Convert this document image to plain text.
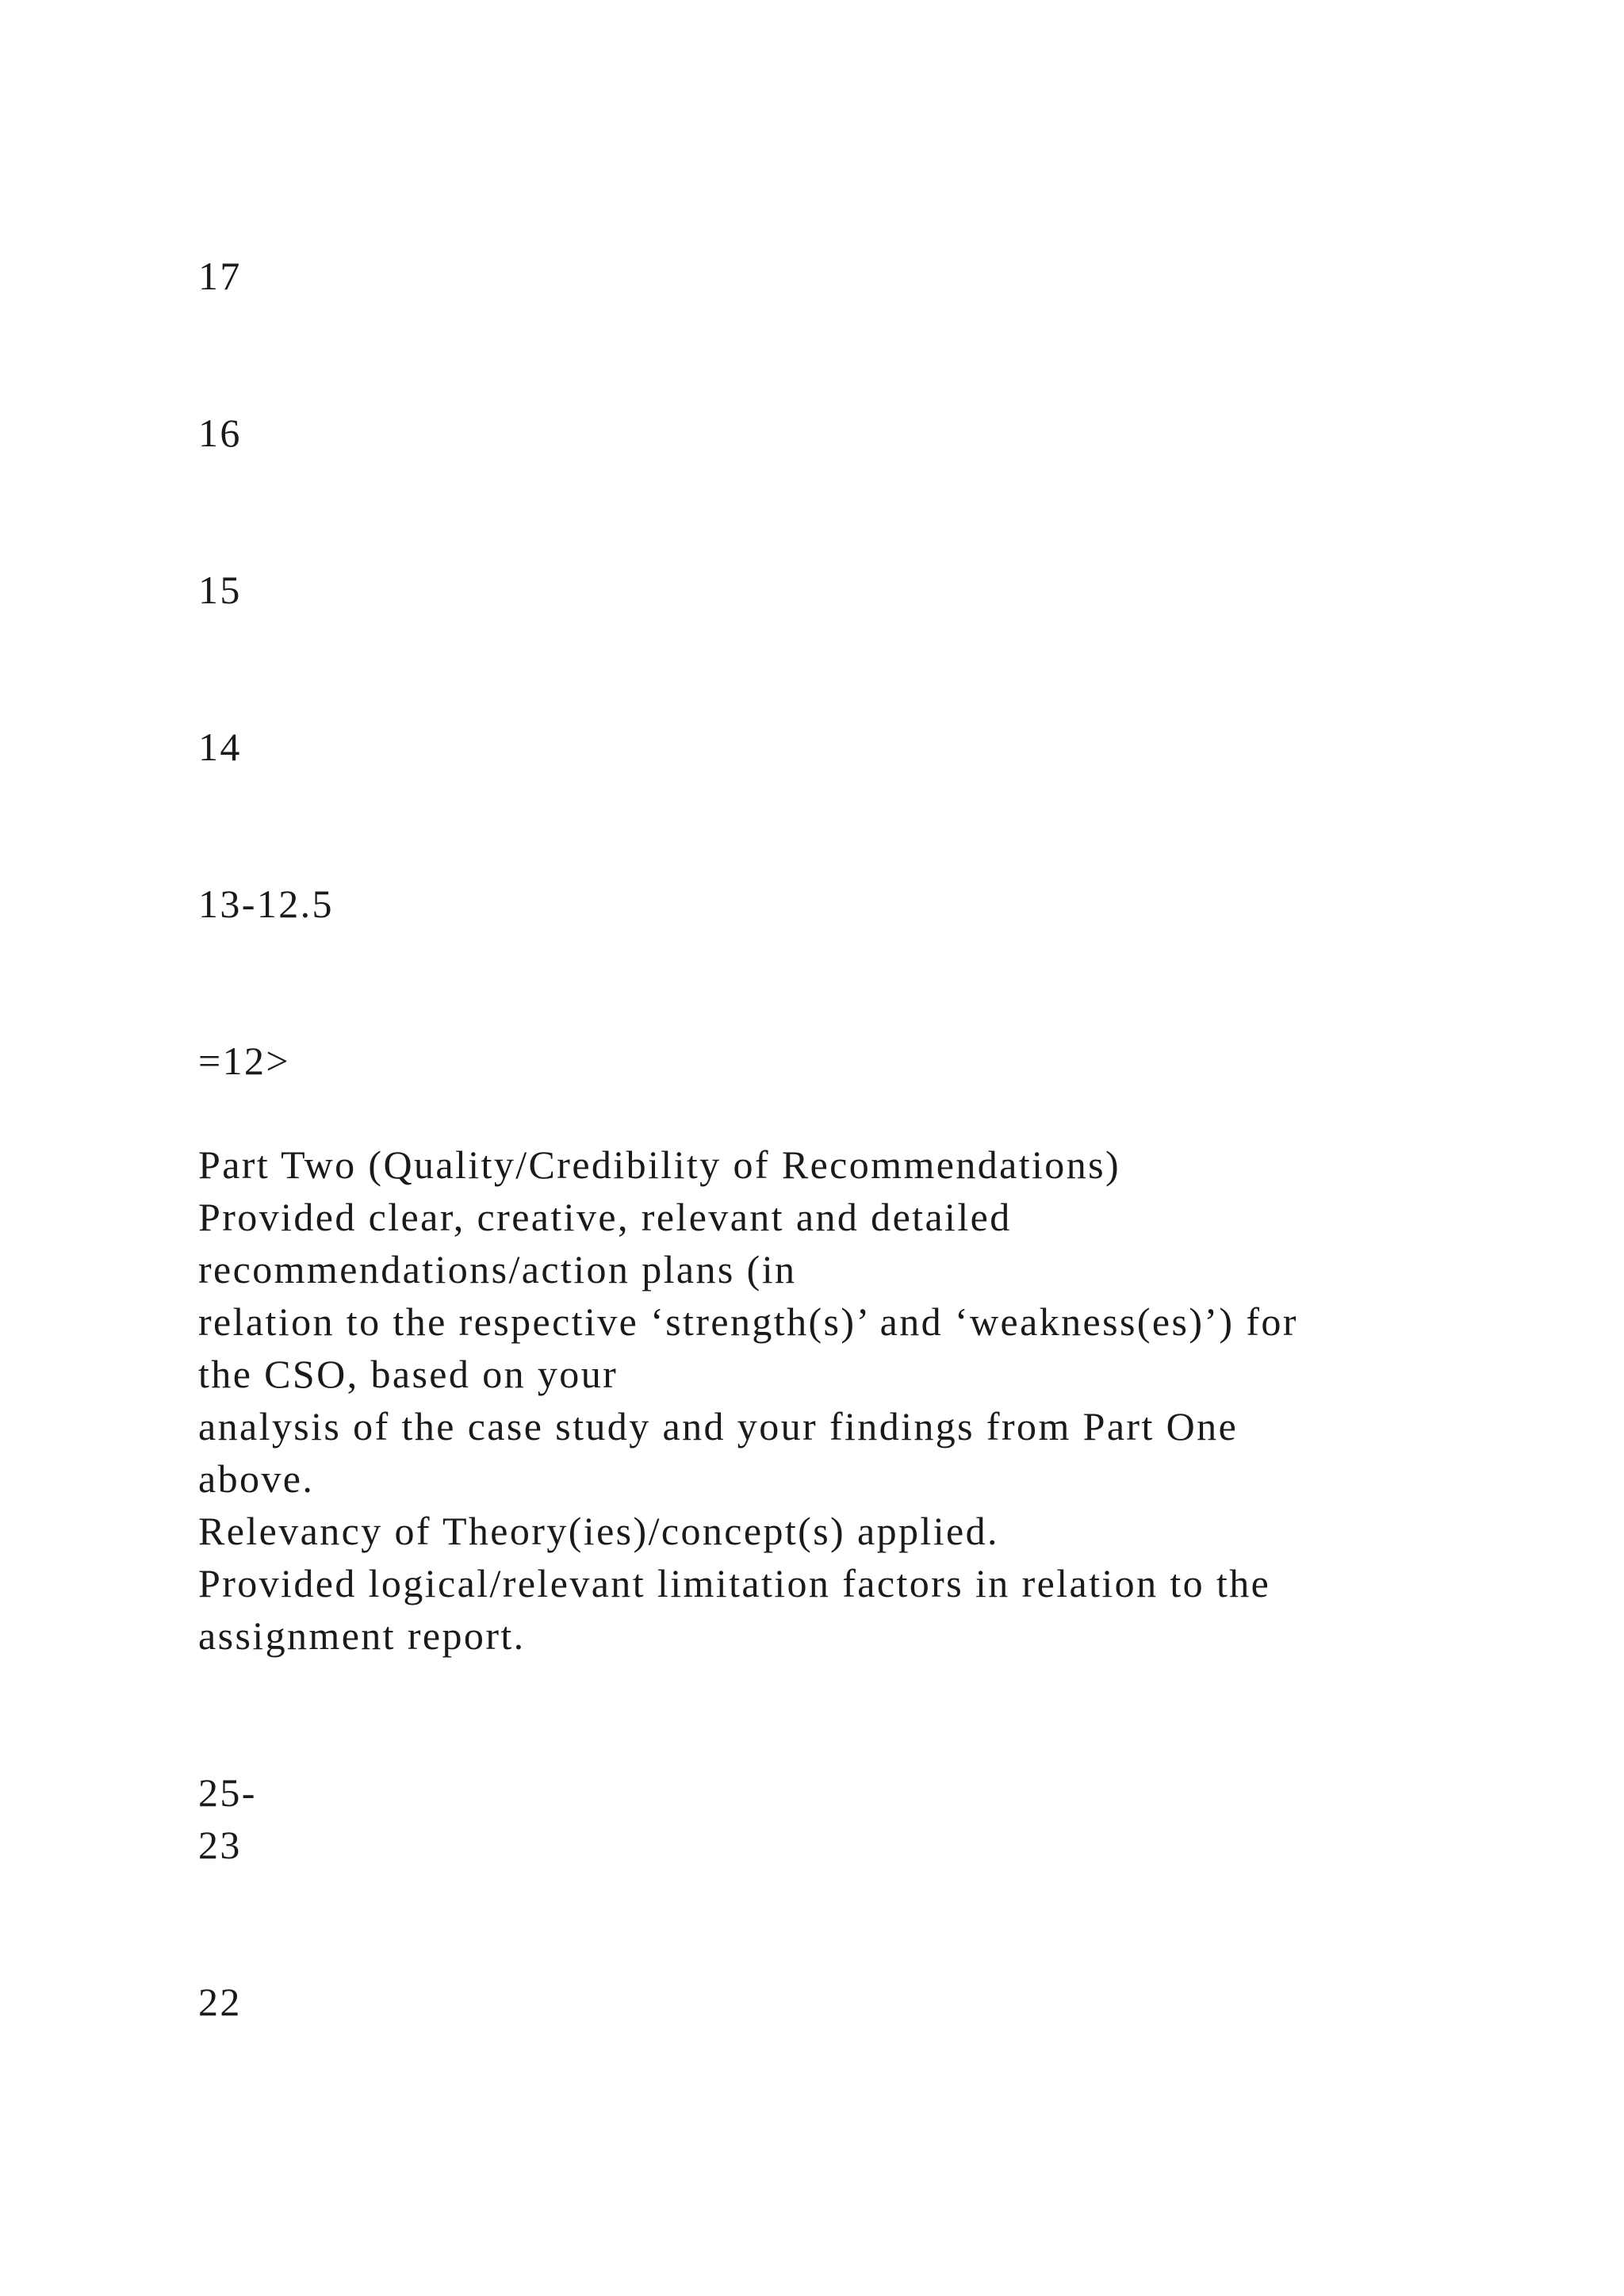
17

16

15

14

13-12.5

=12>

Part Two (Quality/Credibility of Recommendations)

Provided clear, creative, relevant and detailed

recommendations/action plans (in

relation to the respective ‘strength(s)’ and ‘weakness(es)’) for

the CSO, based on your

analysis of the case study and your findings from Part One

above.

Relevancy of Theory(ies)/concept(s) applied.

Provided logical/relevant limitation factors in relation to the

assignment report.

25-

23

22
